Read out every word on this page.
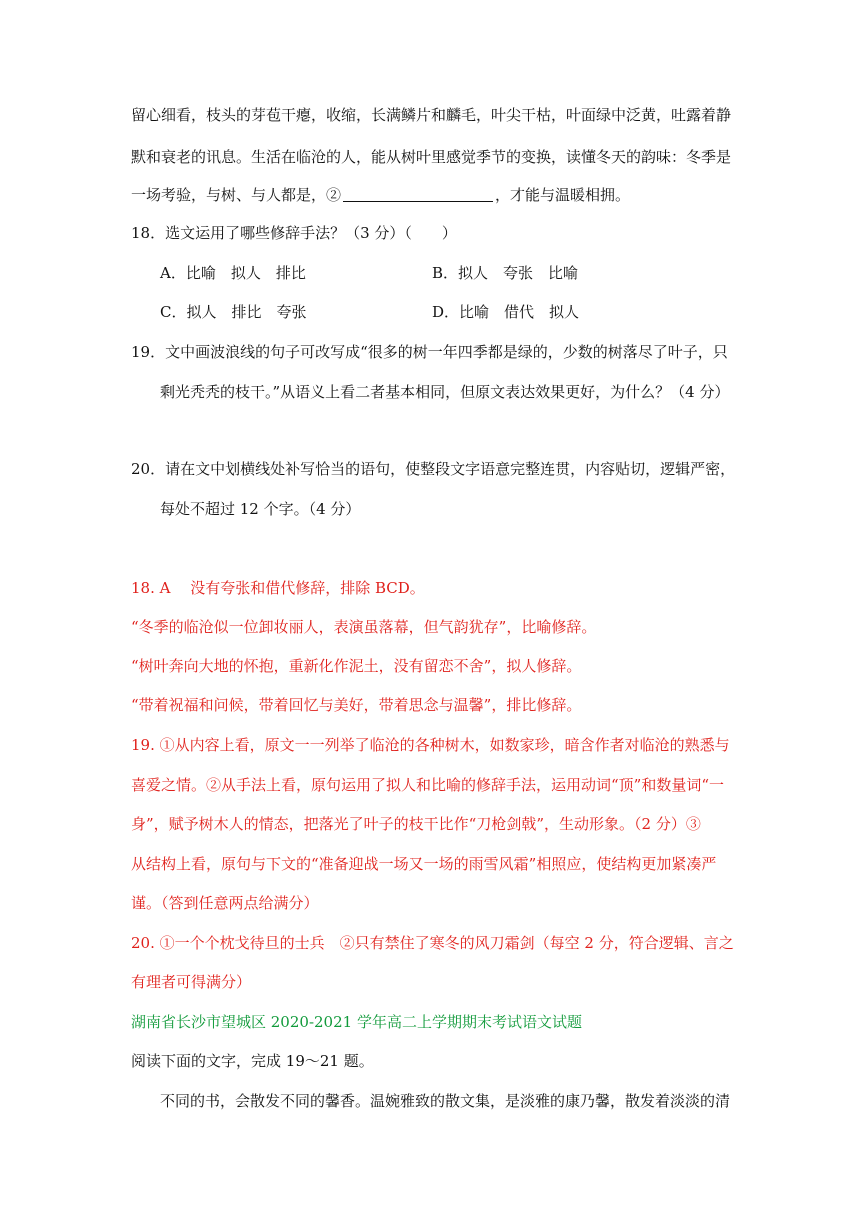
留心细看，枝头的芽苞干瘪，收缩，长满鳞片和麟毛，叶尖干枯，叶面绿中泛黄，吐露着静
默和衰老的讯息。生活在临沧的人，能从树叶里感觉季节的变换，读懂冬天的韵味：冬季是
一场考验，与树、与人都是，②	，才能与温暖相拥。
18．选文运用了哪些修辞手法？（3 分）（　　）
A．比喻　拟人　排比	B．拟人　夸张　比喻
C．拟人　排比　夸张	D．比喻　借代　拟人
19．文中画波浪线的句子可改写成“很多的树一年四季都是绿的，少数的树落尽了叶子，只
剩光秃秃的枝干。”从语义上看二者基本相同，但原文表达效果更好，为什么？（4 分）
20．请在文中划横线处补写恰当的语句，使整段文字语意完整连贯，内容贴切，逻辑严密，
每处不超过 12 个字。（4 分）
18. A　 没有夸张和借代修辞，排除 BCD。
“冬季的临沧似一位卸妆丽人，表演虽落幕，但气韵犹存”，比喻修辞。
“树叶奔向大地的怀抱，重新化作泥土，没有留恋不舍”，拟人修辞。
“带着祝福和问候，带着回忆与美好，带着思念与温馨”，排比修辞。
19. ①从内容上看，原文一一列举了临沧的各种树木，如数家珍，暗含作者对临沧的熟悉与
喜爱之情。②从手法上看，原句运用了拟人和比喻的修辞手法，运用动词“顶”和数量词“一
身”，赋予树木人的情态，把落光了叶子的枝干比作“刀枪剑戟”，生动形象。（2 分）③
从结构上看，原句与下文的“准备迎战一场又一场的雨雪风霜”相照应，使结构更加紧凑严
谨。（答到任意两点给满分）
20. ①一个个枕戈待旦的士兵　②只有禁住了寒冬的风刀霜剑（每空 2 分，符合逻辑、言之
有理者可得满分）
湖南省长沙市望城区 2020-2021 学年高二上学期期末考试语文试题
阅读下面的文字，完成 19～21 题。
不同的书，会散发不同的馨香。温婉雅致的散文集，是淡雅的康乃馨，散发着淡淡的清
